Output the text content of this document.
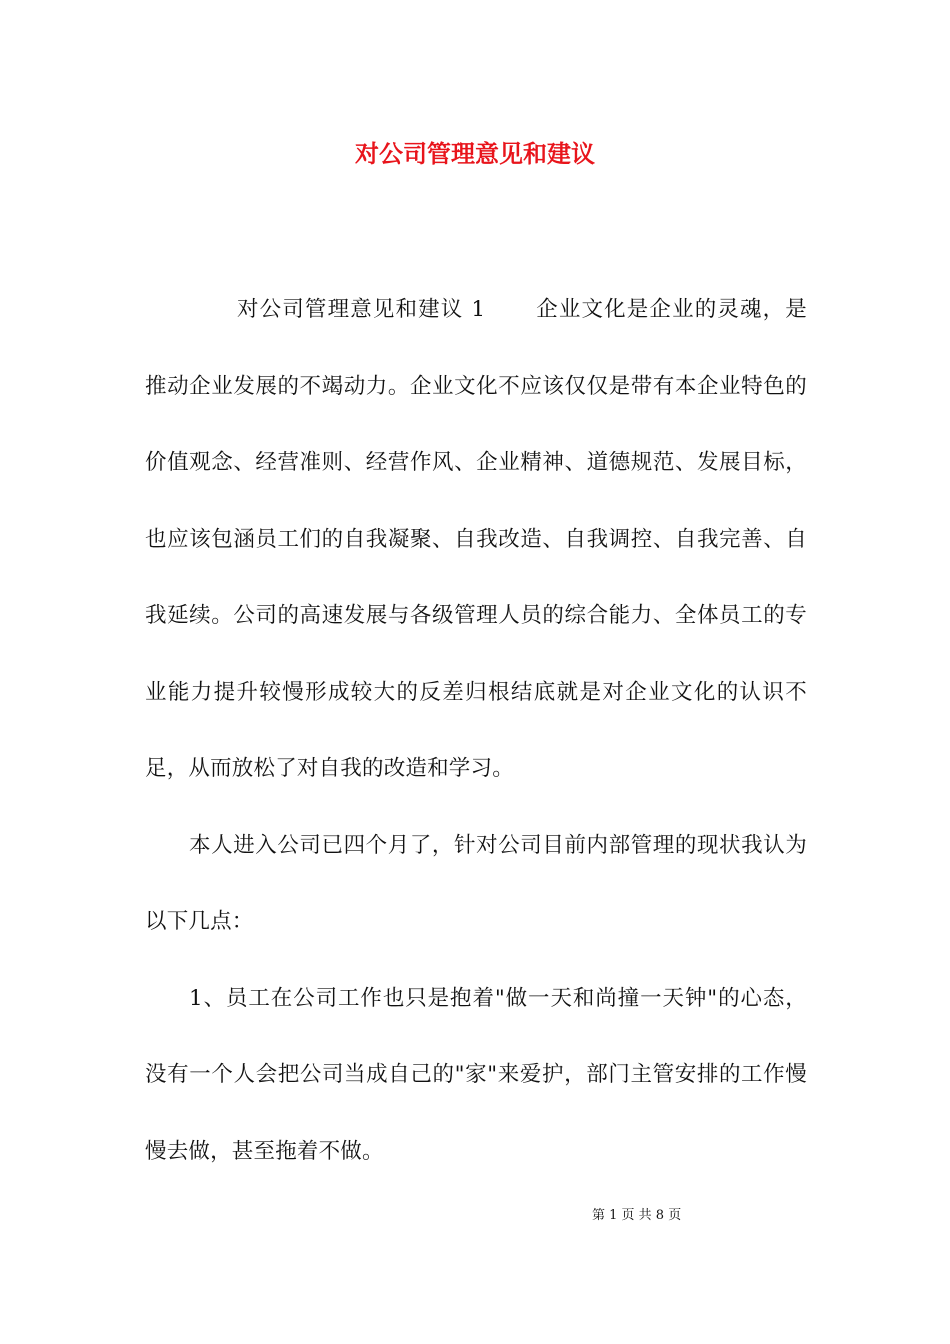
对公司管理意见和建议

对公司管理意见和建议 1 企业文化是企业的灵魂，是推动企业发展的不竭动力。企业文化不应该仅仅是带有本企业特色的价值观念、经营准则、经营作风、企业精神、道德规范、发展目标，也应该包涵员工们的自我凝聚、自我改造、自我调控、自我完善、自我延续。公司的高速发展与各级管理人员的综合能力、全体员工的专业能力提升较慢形成较大的反差归根结底就是对企业文化的认识不足，从而放松了对自我的改造和学习。

本人进入公司已四个月了，针对公司目前内部管理的现状我认为以下几点：

1、员工在公司工作也只是抱着"做一天和尚撞一天钟"的心态，没有一个人会把公司当成自己的"家"来爱护，部门主管安排的工作慢慢去做，甚至拖着不做。

第 1 页 共 8 页
